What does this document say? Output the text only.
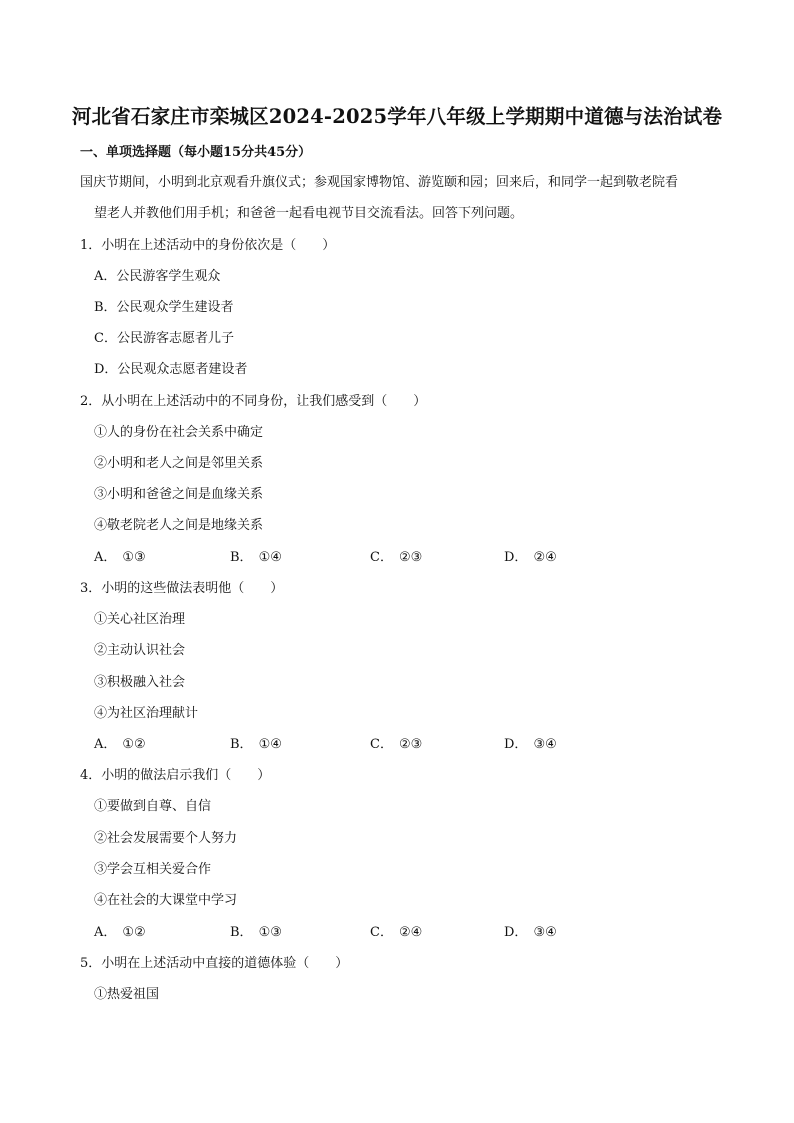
河北省石家庄市栾城区2024-2025学年八年级上学期期中道德与法治试卷
一、单项选择题（每小题15分共45分）
国庆节期间，小明到北京观看升旗仪式；参观国家博物馆、游览颐和园；回来后，和同学一起到敬老院看
望老人并教他们用手机；和爸爸一起看电视节目交流看法。回答下列问题。
1．小明在上述活动中的身份依次是（　　）
A．公民游客学生观众
B．公民观众学生建设者
C．公民游客志愿者儿子
D．公民观众志愿者建设者
2．从小明在上述活动中的不同身份，让我们感受到（　　）
①人的身份在社会关系中确定
②小明和老人之间是邻里关系
③小明和爸爸之间是血缘关系
④敬老院老人之间是地缘关系
A． ①③	B． ①④	C． ②③	D． ②④
3．小明的这些做法表明他（　　）
①关心社区治理
②主动认识社会
③积极融入社会
④为社区治理献计
A． ①②	B． ①④	C． ②③	D． ③④
4．小明的做法启示我们（　　）
①要做到自尊、自信
②社会发展需要个人努力
③学会互相关爱合作
④在社会的大课堂中学习
A． ①②	B． ①③	C． ②④	D． ③④
5．小明在上述活动中直接的道德体验（　　）
①热爱祖国
